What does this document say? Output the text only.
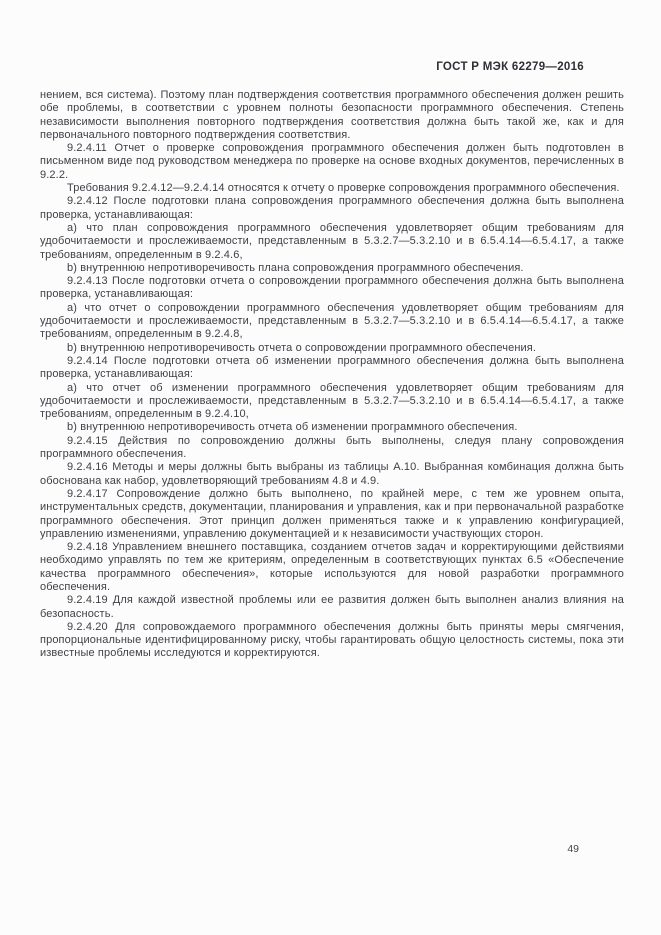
ГОСТ Р МЭК 62279—2016

нением, вся система). Поэтому план подтверждения соответствия программного обеспечения должен решить обе проблемы, в соответствии с уровнем полноты безопасности программного обеспечения. Степень независимости выполнения повторного подтверждения соответствия должна быть такой же, как и для первоначального повторного подтверждения соответствия.

9.2.4.11 Отчет о проверке сопровождения программного обеспечения должен быть подготовлен в письменном виде под руководством менеджера по проверке на основе входных документов, перечисленных в 9.2.2.

Требования 9.2.4.12—9.2.4.14 относятся к отчету о проверке сопровождения программного обеспечения.

9.2.4.12 После подготовки плана сопровождения программного обеспечения должна быть выполнена проверка, устанавливающая:

a) что план сопровождения программного обеспечения удовлетворяет общим требованиям для удобочитаемости и прослеживаемости, представленным в 5.3.2.7—5.3.2.10 и в 6.5.4.14—6.5.4.17, а также требованиям, определенным в 9.2.4.6,

b) внутреннюю непротиворечивость плана сопровождения программного обеспечения.

9.2.4.13 После подготовки отчета о сопровождении программного обеспечения должна быть выполнена проверка, устанавливающая:

a) что отчет о сопровождении программного обеспечения удовлетворяет общим требованиям для удобочитаемости и прослеживаемости, представленным в 5.3.2.7—5.3.2.10 и в 6.5.4.14—6.5.4.17, а также требованиям, определенным в 9.2.4.8,

b) внутреннюю непротиворечивость отчета о сопровождении программного обеспечения.

9.2.4.14 После подготовки отчета об изменении программного обеспечения должна быть выполнена проверка, устанавливающая:

a) что отчет об изменении программного обеспечения удовлетворяет общим требованиям для удобочитаемости и прослеживаемости, представленным в 5.3.2.7—5.3.2.10 и в 6.5.4.14—6.5.4.17, а также требованиям, определенным в 9.2.4.10,

b) внутреннюю непротиворечивость отчета об изменении программного обеспечения.

9.2.4.15 Действия по сопровождению должны быть выполнены, следуя плану сопровождения программного обеспечения.

9.2.4.16 Методы и меры должны быть выбраны из таблицы А.10. Выбранная комбинация должна быть обоснована как набор, удовлетворяющий требованиям 4.8 и 4.9.

9.2.4.17 Сопровождение должно быть выполнено, по крайней мере, с тем же уровнем опыта, инструментальных средств, документации, планирования и управления, как и при первоначальной разработке программного обеспечения. Этот принцип должен применяться также и к управлению конфигурацией, управлению изменениями, управлению документацией и к независимости участвующих сторон.

9.2.4.18 Управлением внешнего поставщика, созданием отчетов задач и корректирующими действиями необходимо управлять по тем же критериям, определенным в соответствующих пунктах 6.5 «Обеспечение качества программного обеспечения», которые используются для новой разработки программного обеспечения.

9.2.4.19 Для каждой известной проблемы или ее развития должен быть выполнен анализ влияния на безопасность.

9.2.4.20 Для сопровождаемого программного обеспечения должны быть приняты меры смягчения, пропорциональные идентифицированному риску, чтобы гарантировать общую целостность системы, пока эти известные проблемы исследуются и корректируются.

49
